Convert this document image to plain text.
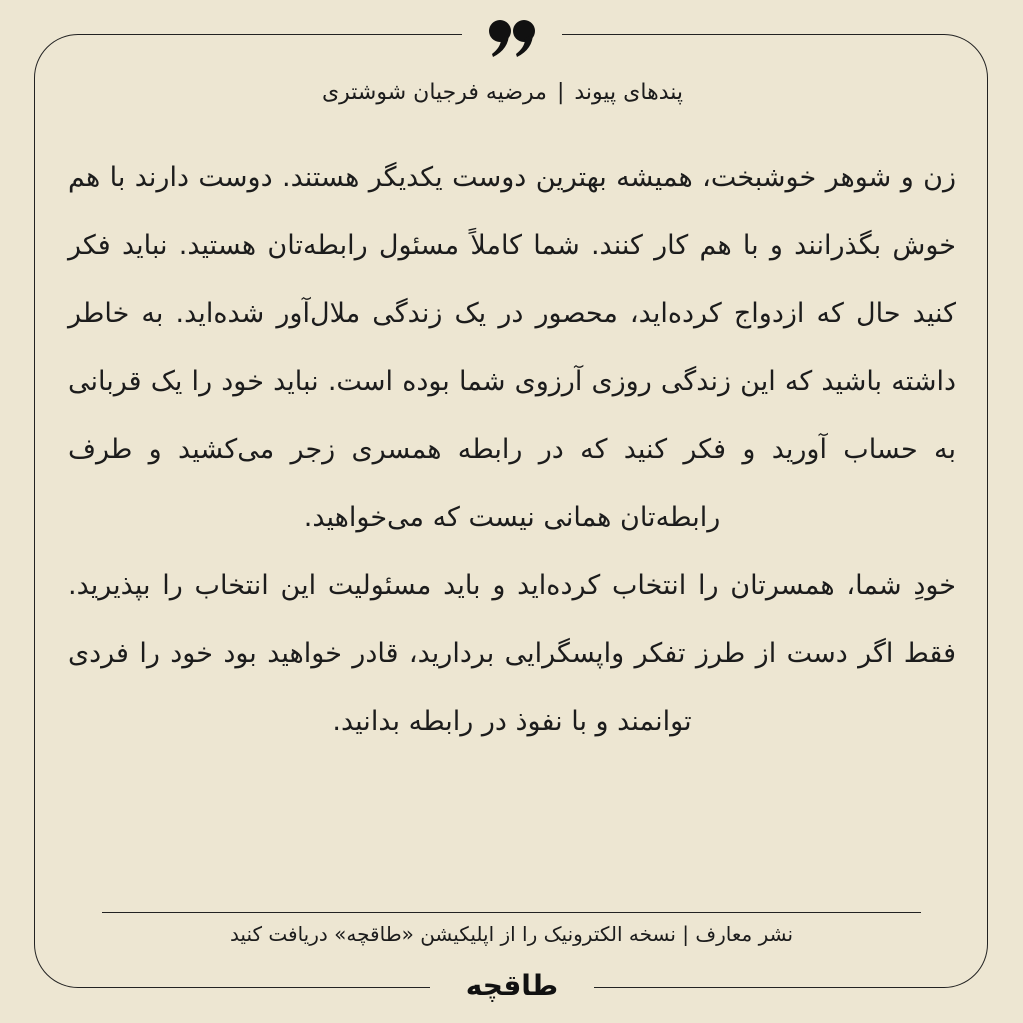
پندهای پیوند|مرضیه فرجیان شوشتری

زن و شوهر خوشبخت، همیشه بهترین دوست یکدیگر هستند. دوست دارند با هم خوش بگذرانند و با هم کار کنند. شما کاملاً مسئول رابطه‌تان هستید. نباید فکر کنید حال که ازدواج کرده‌اید، محصور در یک زندگی ملال‌آور شده‌اید. به خاطر داشته باشید که این زندگی روزی آرزوی شما بوده است. نباید خود را یک قربانی به حساب آورید و فکر کنید که در رابطه همسری زجر می‌کشید و طرف رابطه‌تان همانی نیست که می‌خواهید.

خودِ شما، همسرتان را انتخاب کرده‌اید و باید مسئولیت این انتخاب را بپذیرید. فقط اگر دست از طرز تفکر واپسگرایی بردارید، قادر خواهید بود خود را فردی توانمند و با نفوذ در رابطه بدانید.

نشر معارف | نسخه الکترونیک را از اپلیکیشن «طاقچه» دریافت کنید
طاقچه
